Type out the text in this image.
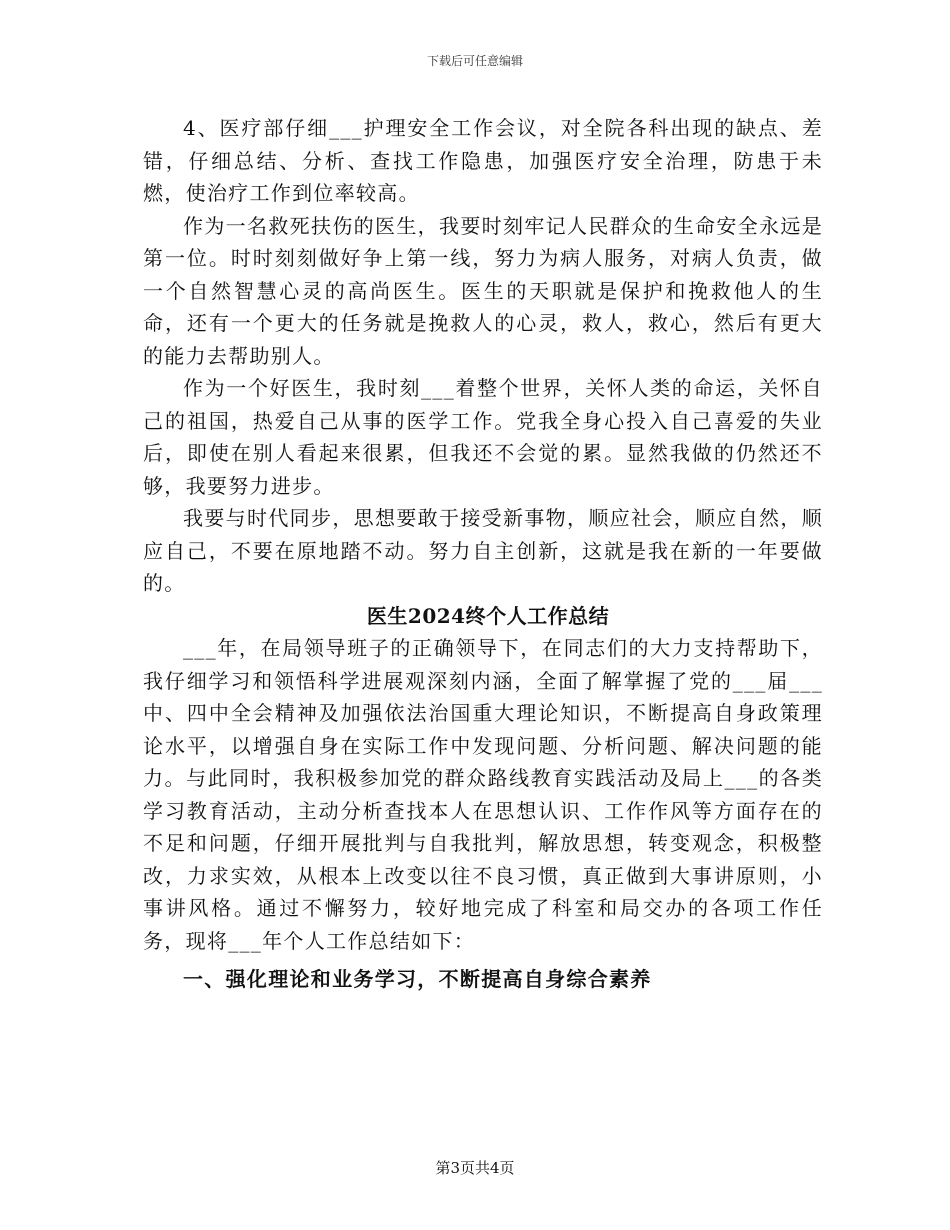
下载后可任意编辑

4、医疗部仔细___护理安全工作会议，对全院各科出现的缺点、差错，仔细总结、分析、查找工作隐患，加强医疗安全治理，防患于未燃，使治疗工作到位率较高。

作为一名救死扶伤的医生，我要时刻牢记人民群众的生命安全永远是第一位。时时刻刻做好争上第一线，努力为病人服务，对病人负责，做一个自然智慧心灵的高尚医生。医生的天职就是保护和挽救他人的生命，还有一个更大的任务就是挽救人的心灵，救人，救心，然后有更大的能力去帮助别人。

作为一个好医生，我时刻___着整个世界，关怀人类的命运，关怀自己的祖国，热爱自己从事的医学工作。党我全身心投入自己喜爱的失业后，即使在别人看起来很累，但我还不会觉的累。显然我做的仍然还不够，我要努力进步。

我要与时代同步，思想要敢于接受新事物，顺应社会，顺应自然，顺应自己，不要在原地踏不动。努力自主创新，这就是我在新的一年要做的。

医生2024终个人工作总结

___年，在局领导班子的正确领导下，在同志们的大力支持帮助下，我仔细学习和领悟科学进展观深刻内涵，全面了解掌握了党的___届___中、四中全会精神及加强依法治国重大理论知识，不断提高自身政策理论水平，以增强自身在实际工作中发现问题、分析问题、解决问题的能力。与此同时，我积极参加党的群众路线教育实践活动及局上___的各类学习教育活动，主动分析查找本人在思想认识、工作作风等方面存在的不足和问题，仔细开展批判与自我批判，解放思想，转变观念，积极整改，力求实效，从根本上改变以往不良习惯，真正做到大事讲原则，小事讲风格。通过不懈努力，较好地完成了科室和局交办的各项工作任务，现将___年个人工作总结如下：

一、强化理论和业务学习，不断提高自身综合素养
第3页共4页
